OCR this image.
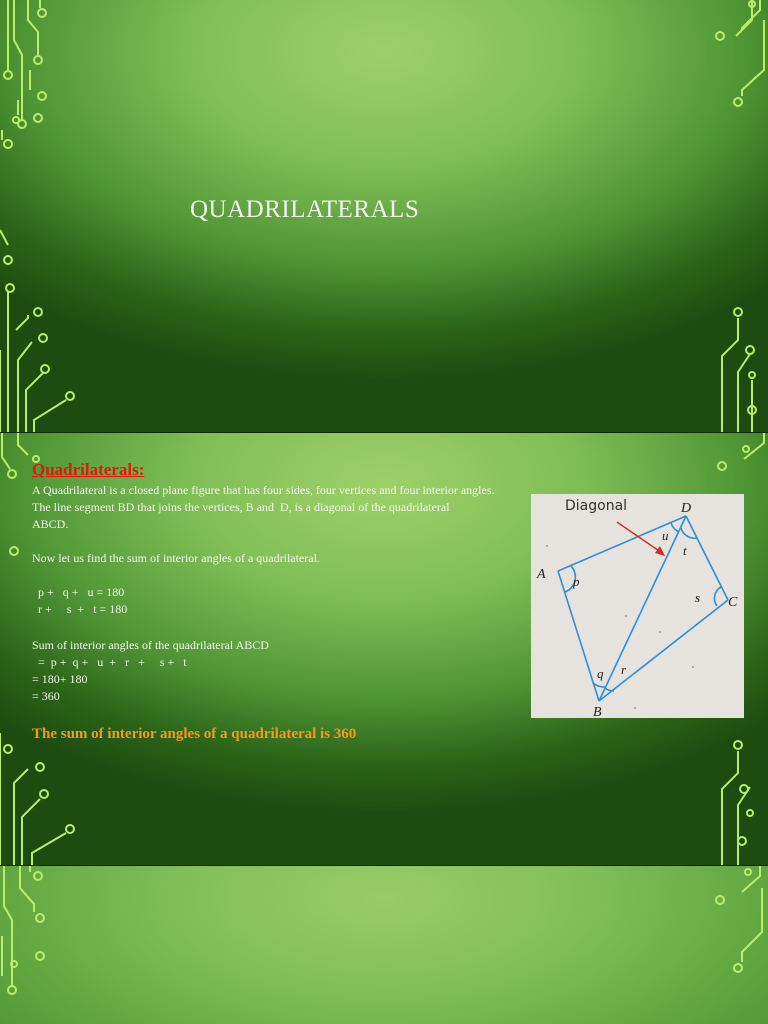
QUADRILATERALS
Quadrilaterals:
A Quadrilateral is a closed plane figure that has four sides, four vertices and four interior angles.
The line segment BD that joins the vertices, B and  D, is a diagonal of the quadrilateral
ABCD.
Now let us find the sum of interior angles of a quadrilateral.
p +   q +   u = 180
r +     s  +   t = 180
Sum of interior angles of the quadrilateral ABCD
=  p +  q +   u  +   r   +     s +   t
= 180+ 180
= 360
The sum of interior angles of a quadrilateral is 360
Diagonal
A
B
C
D
p
q r
s
t
u
